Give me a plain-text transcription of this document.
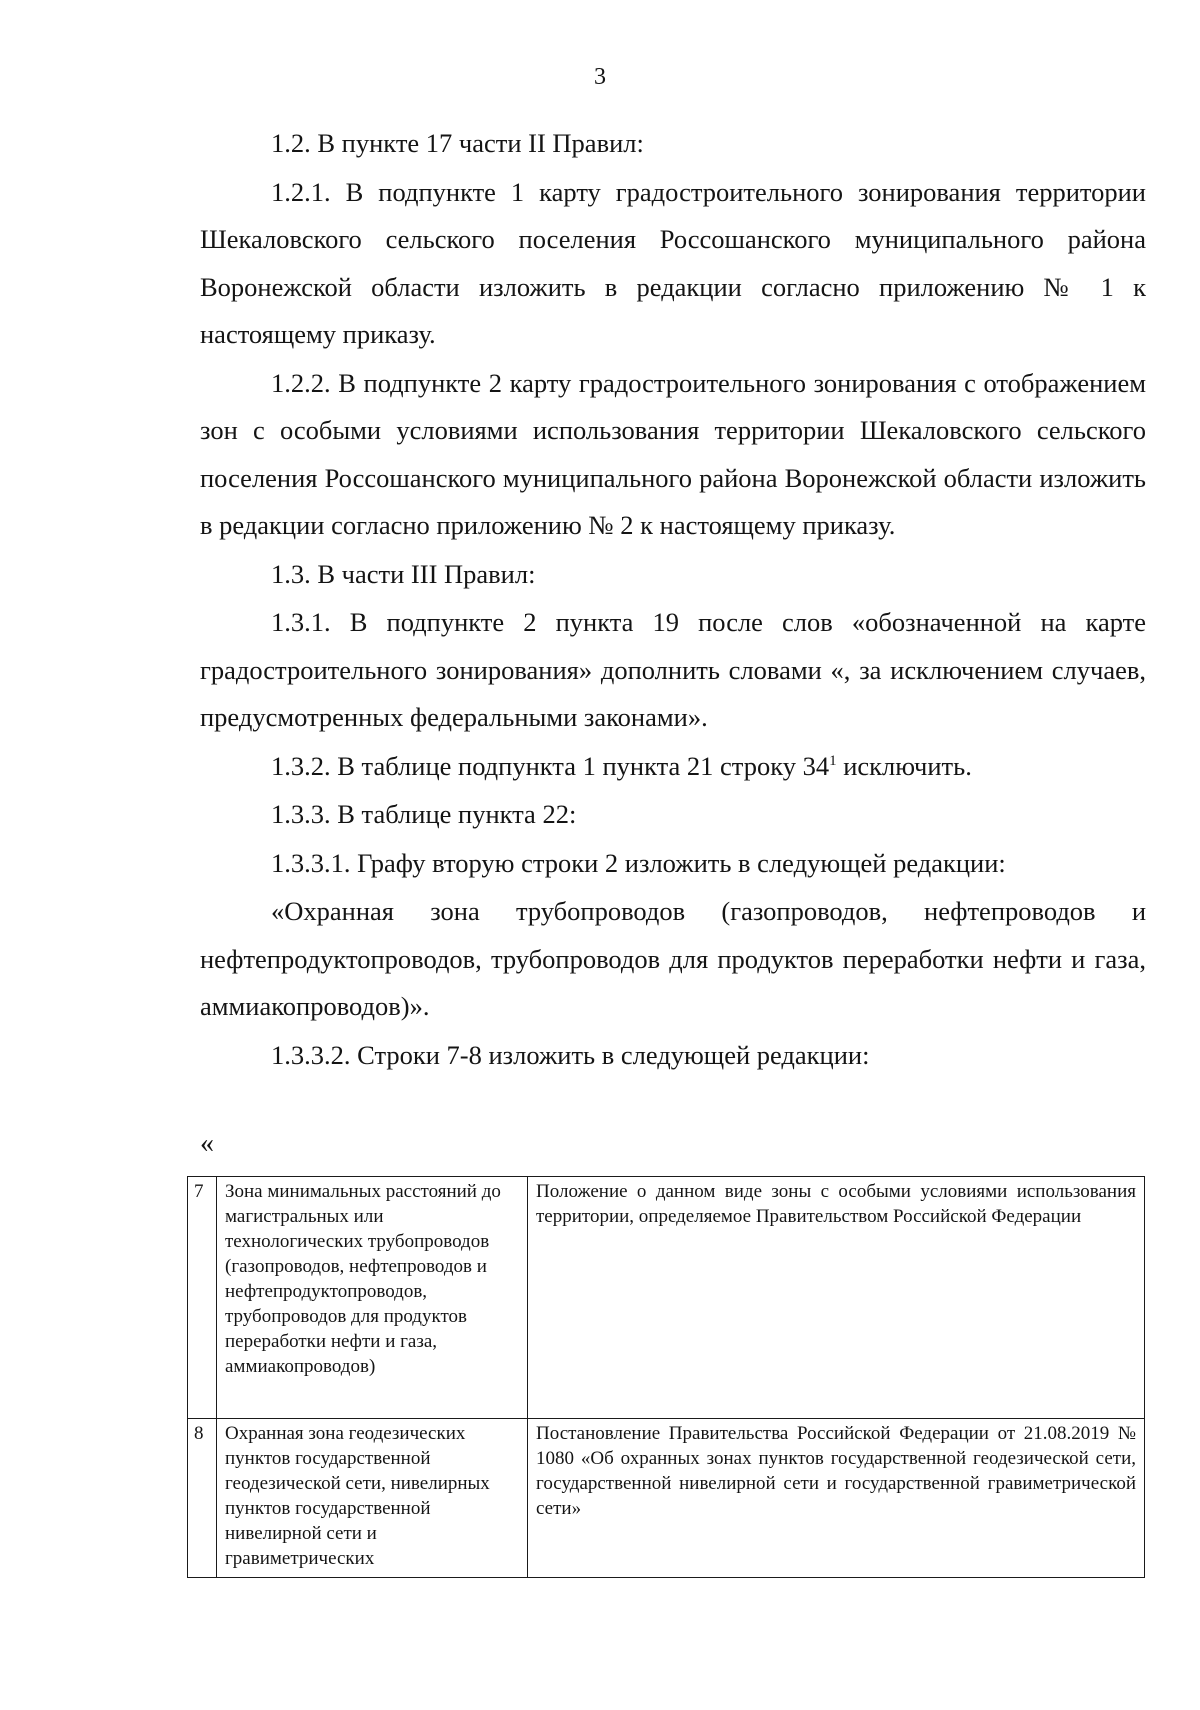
3

1.2. В пункте 17 части II Правил:

1.2.1. В подпункте 1 карту градостроительного зонирования территории Шекаловского сельского поселения Россошанского муниципального района Воронежской области изложить в редакции согласно приложению № 1 к настоящему приказу.

1.2.2. В подпункте 2 карту градостроительного зонирования с отображением зон с особыми условиями использования территории Шекаловского сельского поселения Россошанского муниципального района Воронежской области изложить в редакции согласно приложению № 2 к настоящему приказу.

1.3. В части III Правил:

1.3.1. В подпункте 2 пункта 19 после слов «обозначенной на карте градостроительного зонирования» дополнить словами «, за исключением случаев, предусмотренных федеральными законами».

1.3.2. В таблице подпункта 1 пункта 21 строку $34^1$ исключить.

1.3.3. В таблице пункта 22:

1.3.3.1. Графу вторую строки 2 изложить в следующей редакции:

«Охранная зона трубопроводов (газопроводов, нефтепроводов и нефтепродуктопроводов, трубопроводов для продуктов переработки нефти и газа, аммиакопроводов)».

1.3.3.2. Строки 7-8 изложить в следующей редакции:

«
7	Зона минимальных расстояний до магистральных или технологических трубопроводов (газопроводов, нефтепроводов и нефтепродуктопроводов, трубопроводов для продуктов переработки нефти и газа, аммиакопроводов)	Положение о данном виде зоны с особыми условиями использования территории, определяемое Правительством Российской Федерации
8	Охранная зона геодезических пунктов государственной геодезической сети, нивелирных пунктов государственной нивелирной сети и гравиметрических	Постановление Правительства Российской Федерации от 21.08.2019 № 1080 «Об охранных зонах пунктов государственной геодезической сети, государственной нивелирной сети и государственной гравиметрической сети»
